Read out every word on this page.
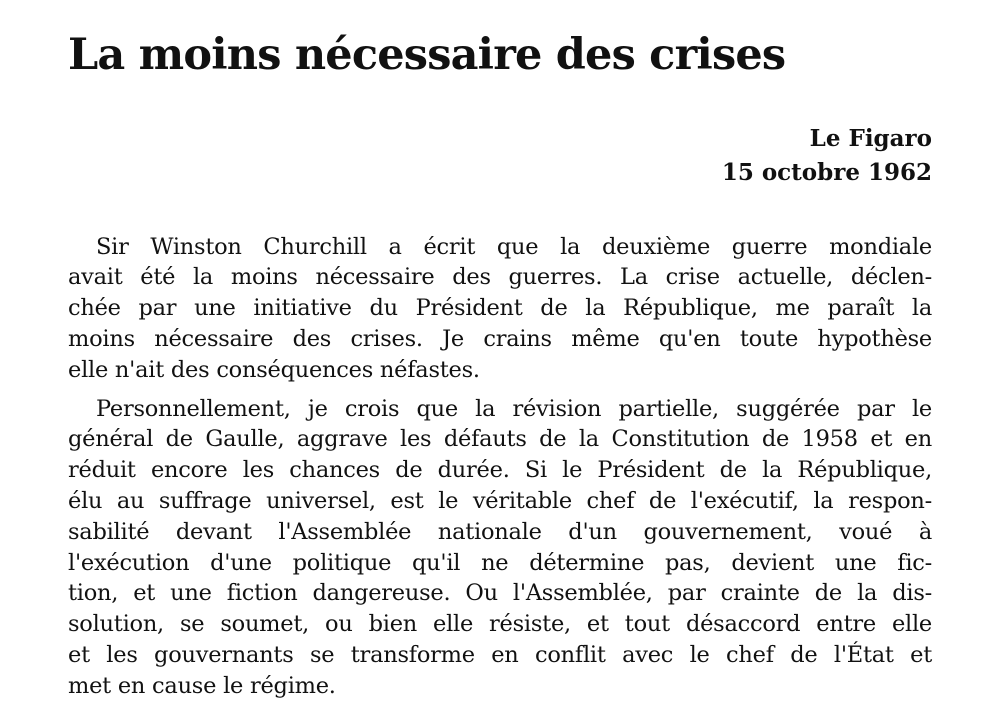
La moins nécessaire des crises
Le Figaro
15 octobre 1962
Sir Winston Churchill a écrit que la deuxième guerre mondiale
avait été la moins nécessaire des guerres. La crise actuelle, déclen-
chée par une initiative du Président de la République, me paraît la
moins nécessaire des crises. Je crains même qu'en toute hypothèse
elle n'ait des conséquences néfastes.
Personnellement, je crois que la révision partielle, suggérée par le
général de Gaulle, aggrave les défauts de la Constitution de 1958 et en
réduit encore les chances de durée. Si le Président de la République,
élu au suffrage universel, est le véritable chef de l'exécutif, la respon-
sabilité devant l'Assemblée nationale d'un gouvernement, voué à
l'exécution d'une politique qu'il ne détermine pas, devient une fic-
tion, et une fiction dangereuse. Ou l'Assemblée, par crainte de la dis-
solution, se soumet, ou bien elle résiste, et tout désaccord entre elle
et les gouvernants se transforme en conflit avec le chef de l'État et
met en cause le régime.
